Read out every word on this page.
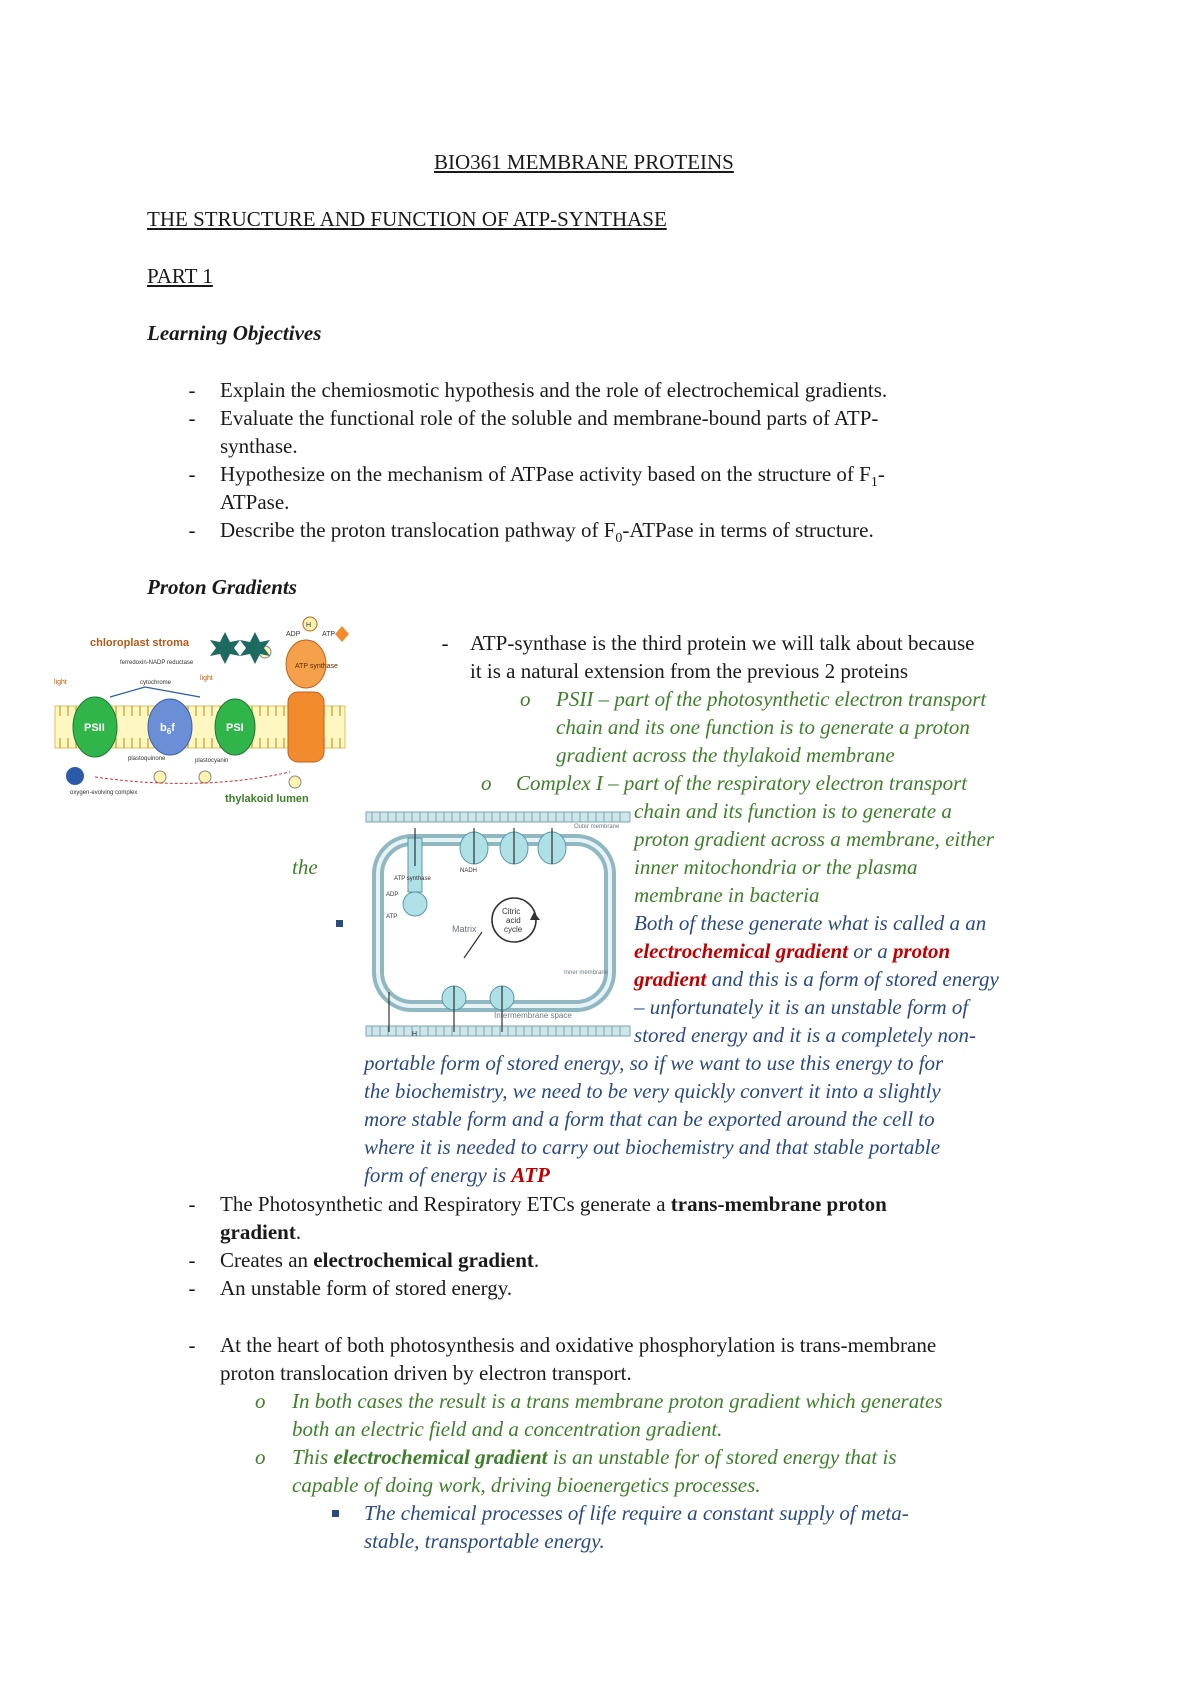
BIO361 MEMBRANE PROTEINS
THE STRUCTURE AND FUNCTION OF ATP-SYNTHASE
PART 1
Learning Objectives
-	Explain the chemiosmotic hypothesis and the role of electrochemical gradients.
-	Evaluate the functional role of the soluble and membrane-bound parts of ATP-
synthase.
-	Hypothesize on the mechanism of ATPase activity based on the structure of $F_1-$
ATPase.
-	Describe the proton translocation pathway of $F_0$-ATPase in terms of structure.
Proton Gradients
chloroplast stroma
thylakoid lumen
PSII	$b_6f$	PSI
ATP synthase
light
light
ferredoxin-NADP reductase
cytochrome
plastoquinone	plastocyanin
oxygen-evolving complex
H
ADP	ATP	-	ATP-synthase is the third protein we will talk about because
it is a natural extension from the previous 2 proteins
o PSII – part of the photosynthetic electron transport
chain and its one function is to generate a proton
gradient across the thylakoid membrane
o Complex I – part of the respiratory electron transport
chain and its function is to generate a
proton gradient across a membrane, either
the	inner mitochondria or the plasma
membrane in bacteria
Citric
acid
cycle
Matrix
Intermembrane space
Outer membrane
Inner membrane
ATP synthase
ADP
ATP
NADH
H
Both of these generate what is called a an
electrochemical gradient or a proton
gradient and this is a form of stored energy
– unfortunately it is an unstable form of
stored energy and it is a completely non-
portable form of stored energy, so if we want to use this energy to for
the biochemistry, we need to be very quickly convert it into a slightly
more stable form and a form that can be exported around the cell to
where it is needed to carry out biochemistry and that stable portable
form of energy is ATP
-	The Photosynthetic and Respiratory ETCs generate a trans-membrane proton
gradient.
-	Creates an electrochemical gradient.
-	An unstable form of stored energy.
-	At the heart of both photosynthesis and oxidative phosphorylation is trans-membrane
proton translocation driven by electron transport.
o In both cases the result is a trans membrane proton gradient which generates
both an electric field and a concentration gradient.
o This electrochemical gradient is an unstable for of stored energy that is
capable of doing work, driving bioenergetics processes.
The chemical processes of life require a constant supply of meta-
stable, transportable energy.
